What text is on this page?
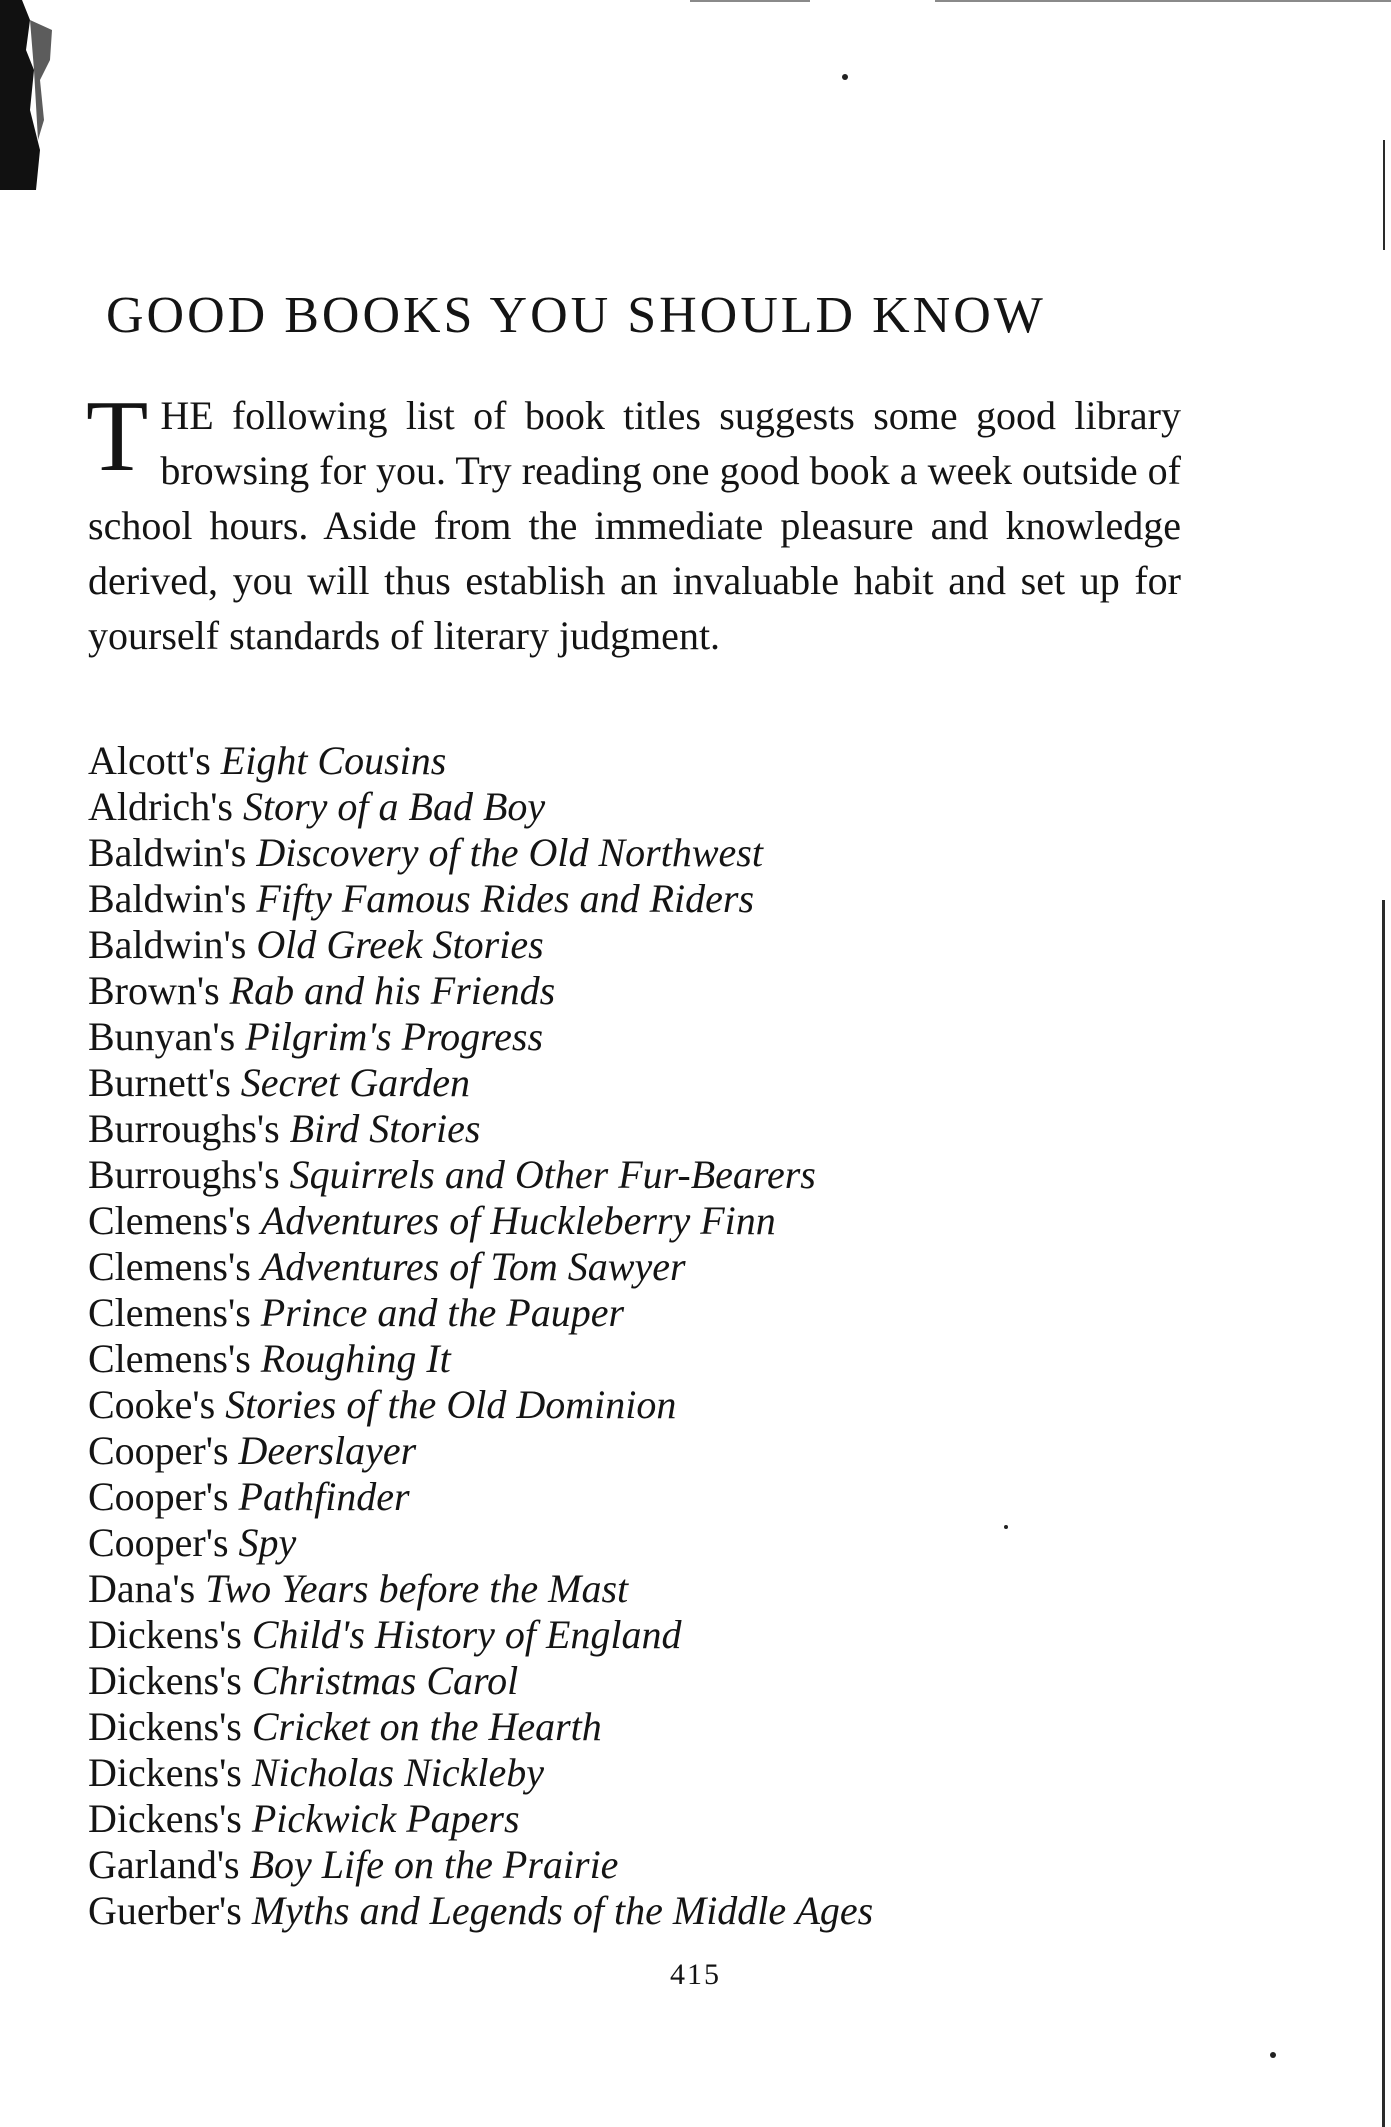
GOOD BOOKS YOU SHOULD KNOW

THE following list of book titles suggests some good library browsing for you. Try reading one good book a week outside of school hours. Aside from the immediate pleasure and knowledge derived, you will thus establish an invaluable habit and set up for yourself standards of literary judgment.

Alcott's Eight Cousins
Aldrich's Story of a Bad Boy
Baldwin's Discovery of the Old Northwest
Baldwin's Fifty Famous Rides and Riders
Baldwin's Old Greek Stories
Brown's Rab and his Friends
Bunyan's Pilgrim's Progress
Burnett's Secret Garden
Burroughs's Bird Stories
Burroughs's Squirrels and Other Fur-Bearers
Clemens's Adventures of Huckleberry Finn
Clemens's Adventures of Tom Sawyer
Clemens's Prince and the Pauper
Clemens's Roughing It
Cooke's Stories of the Old Dominion
Cooper's Deerslayer
Cooper's Pathfinder
Cooper's Spy
Dana's Two Years before the Mast
Dickens's Child's History of England
Dickens's Christmas Carol
Dickens's Cricket on the Hearth
Dickens's Nicholas Nickleby
Dickens's Pickwick Papers
Garland's Boy Life on the Prairie
Guerber's Myths and Legends of the Middle Ages
415
